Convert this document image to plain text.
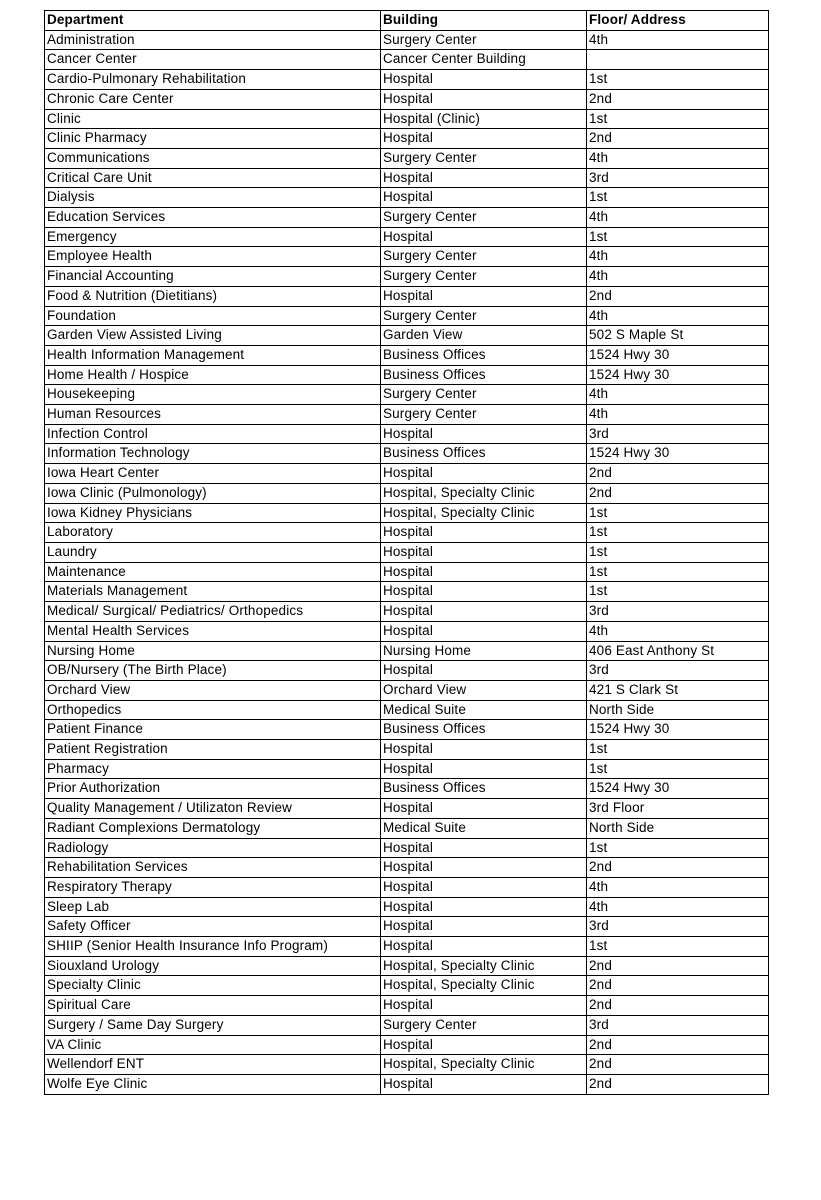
Department	Building	Floor/ Address
Administration	Surgery Center	4th
Cancer Center	Cancer Center Building	
Cardio-Pulmonary Rehabilitation	Hospital	1st
Chronic Care Center	Hospital	2nd
Clinic	Hospital (Clinic)	1st
Clinic Pharmacy	Hospital	2nd
Communications	Surgery Center	4th
Critical Care Unit	Hospital	3rd
Dialysis	Hospital	1st
Education Services	Surgery Center	4th
Emergency	Hospital	1st
Employee Health	Surgery Center	4th
Financial Accounting	Surgery Center	4th
Food & Nutrition (Dietitians)	Hospital	2nd
Foundation	Surgery Center	4th
Garden View Assisted Living	Garden View	502 S Maple St
Health Information Management	Business Offices	1524 Hwy 30
Home Health / Hospice	Business Offices	1524 Hwy 30
Housekeeping	Surgery Center	4th
Human Resources	Surgery Center	4th
Infection Control	Hospital	3rd
Information Technology	Business Offices	1524 Hwy 30
Iowa Heart Center	Hospital	2nd
Iowa Clinic (Pulmonology)	Hospital, Specialty Clinic	2nd
Iowa Kidney Physicians	Hospital, Specialty Clinic	1st
Laboratory	Hospital	1st
Laundry	Hospital	1st
Maintenance	Hospital	1st
Materials Management	Hospital	1st
Medical/ Surgical/ Pediatrics/ Orthopedics	Hospital	3rd
Mental Health Services	Hospital	4th
Nursing Home	Nursing Home	406 East Anthony St
OB/Nursery (The Birth Place)	Hospital	3rd
Orchard View	Orchard View	421 S Clark St
Orthopedics	Medical Suite	North Side
Patient Finance	Business Offices	1524 Hwy 30
Patient Registration	Hospital	1st
Pharmacy	Hospital	1st
Prior Authorization	Business Offices	1524 Hwy 30
Quality Management / Utilizaton Review	Hospital	3rd Floor
Radiant Complexions Dermatology	Medical Suite	North Side
Radiology	Hospital	1st
Rehabilitation Services	Hospital	2nd
Respiratory Therapy	Hospital	4th
Sleep Lab	Hospital	4th
Safety Officer	Hospital	3rd
SHIIP (Senior Health Insurance Info Program)	Hospital	1st
Siouxland Urology	Hospital, Specialty Clinic	2nd
Specialty Clinic	Hospital, Specialty Clinic	2nd
Spiritual Care	Hospital	2nd
Surgery / Same Day Surgery	Surgery Center	3rd
VA Clinic	Hospital	2nd
Wellendorf ENT	Hospital, Specialty Clinic	2nd
Wolfe Eye Clinic	Hospital	2nd
